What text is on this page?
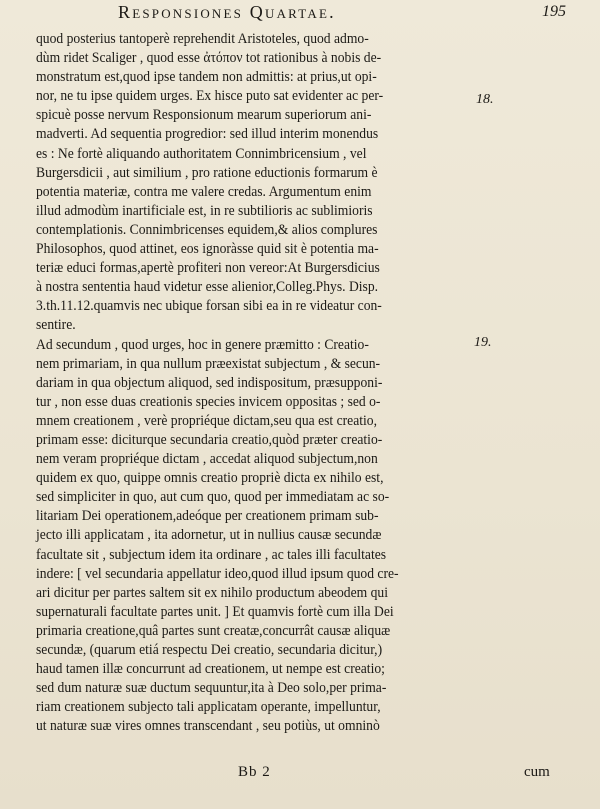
Responsiones Quartae.	195
quod posterius tantoperè reprehendit Aristoteles, quod admo-
dùm ridet Scaliger , quod esse ἀτόπον tot rationibus à nobis de-
monstratum est,quod ipse tandem non admittis: at prius,ut opi-
nor, ne tu ipse quidem urges. Ex hisce puto sat evidenter ac per-
spicuè posse nervum Responsionum mearum superiorum ani-
madverti. Ad sequentia progredior: sed illud interim monendus
es : Ne fortè aliquando authoritatem Connimbricensium , vel
Burgersdicii , aut similium , pro ratione eductionis formarum è
potentia materiæ, contra me valere credas. Argumentum enim
illud admodùm inartificiale est, in re subtilioris ac sublimioris
contemplationis. Connimbricenses equidem,& alios complures
Philosophos, quod attinet, eos ignoràsse quid sit è potentia ma-
teriæ educi formas,apertè profiteri non vereor:At Burgersdicius
à nostra sententia haud videtur esse alienior,Colleg.Phys. Disp.
3.th.11.12.quamvis nec ubique forsan sibi ea in re videatur con-
sentire.
Ad secundum , quod urges, hoc in genere præmitto : Creatio-
nem primariam, in qua nullum præexistat subjectum , & secun-
dariam in qua objectum aliquod, sed indispositum, præsupponi-
tur , non esse duas creationis species invicem oppositas ; sed o-
mnem creationem , verè propriéque dictam,seu qua est creatio,
primam esse: diciturque secundaria creatio,quòd præter creatio-
nem veram propriéque dictam , accedat aliquod subjectum,non
quidem ex quo, quippe omnis creatio propriè dicta ex nihilo est,
sed simpliciter in quo, aut cum quo, quod per immediatam ac so-
litariam Dei operationem,adeóque per creationem primam sub-
jecto illi applicatam , ita adornetur, ut in nullius causæ secundæ
facultate sit , subjectum idem ita ordinare , ac tales illi facultates
indere: [ vel secundaria appellatur ideo,quod illud ipsum quod cre-
ari dicitur per partes saltem sit ex nihilo productum abeodem qui
supernaturali facultate partes unit. ] Et quamvis fortè cum illa Dei
primaria creatione,quâ partes sunt creatæ,concurrât causæ aliquæ
secundæ, (quarum etiá respectu Dei creatio, secundaria dicitur,)
haud tamen illæ concurrunt ad creationem, ut nempe est creatio;
sed dum naturæ suæ ductum sequuntur,ita à Deo solo,per prima-
riam creationem subjecto tali applicatam operante, impelluntur,
ut naturæ suæ vires omnes transcendant , seu potiùs, ut omninò
18.
19.
Bb 2	cum
